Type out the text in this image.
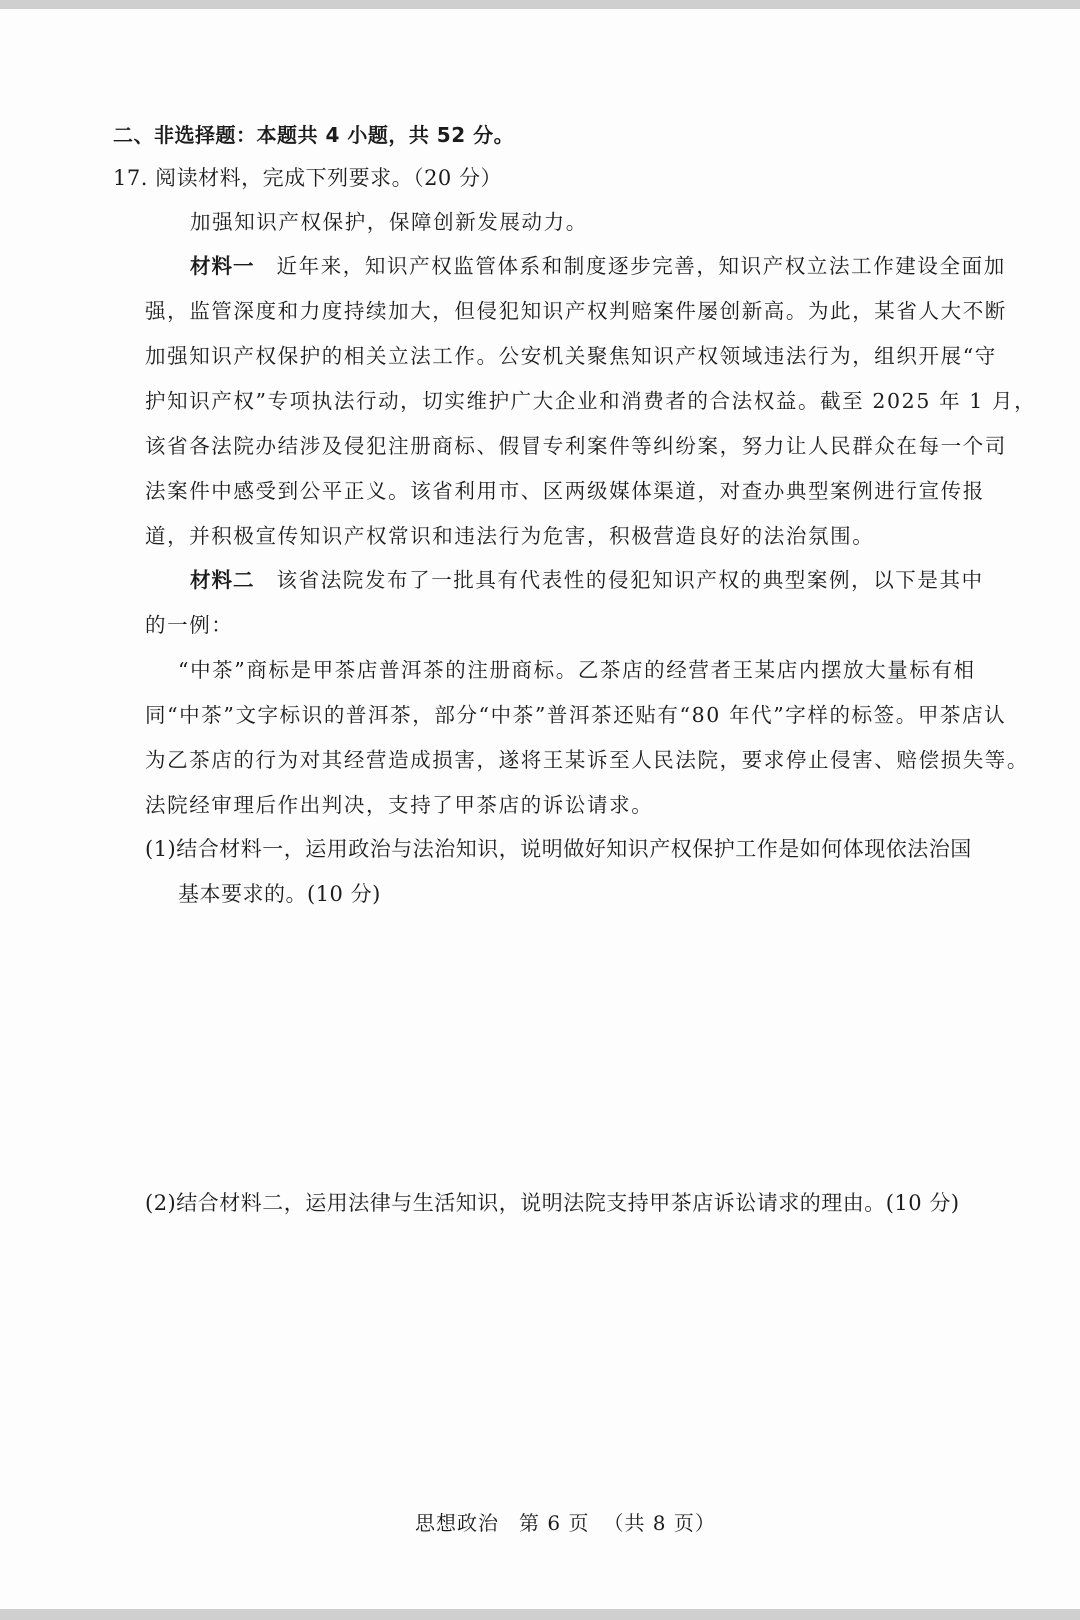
二、非选择题：本题共 4 小题，共 52 分。
17. 阅读材料，完成下列要求。（20 分）
加强知识产权保护，保障创新发展动力。
材料一 近年来，知识产权监管体系和制度逐步完善，知识产权立法工作建设全面加
强，监管深度和力度持续加大，但侵犯知识产权判赔案件屡创新高。为此，某省人大不断
加强知识产权保护的相关立法工作。公安机关聚焦知识产权领域违法行为，组织开展“守
护知识产权”专项执法行动，切实维护广大企业和消费者的合法权益。截至 2025 年 1 月，
该省各法院办结涉及侵犯注册商标、假冒专利案件等纠纷案，努力让人民群众在每一个司
法案件中感受到公平正义。该省利用市、区两级媒体渠道，对查办典型案例进行宣传报
道，并积极宣传知识产权常识和违法行为危害，积极营造良好的法治氛围。
材料二 该省法院发布了一批具有代表性的侵犯知识产权的典型案例，以下是其中
的一例：
“中茶”商标是甲茶店普洱茶的注册商标。乙茶店的经营者王某店内摆放大量标有相
同“中茶”文字标识的普洱茶，部分“中茶”普洱茶还贴有“80 年代”字样的标签。甲茶店认
为乙茶店的行为对其经营造成损害，遂将王某诉至人民法院，要求停止侵害、赔偿损失等。
法院经审理后作出判决，支持了甲茶店的诉讼请求。
(1)结合材料一，运用政治与法治知识，说明做好知识产权保护工作是如何体现依法治国
基本要求的。(10 分)
(2)结合材料二，运用法律与生活知识，说明法院支持甲茶店诉讼请求的理由。(10 分)
思想政治 第 6 页 （共 8 页）
